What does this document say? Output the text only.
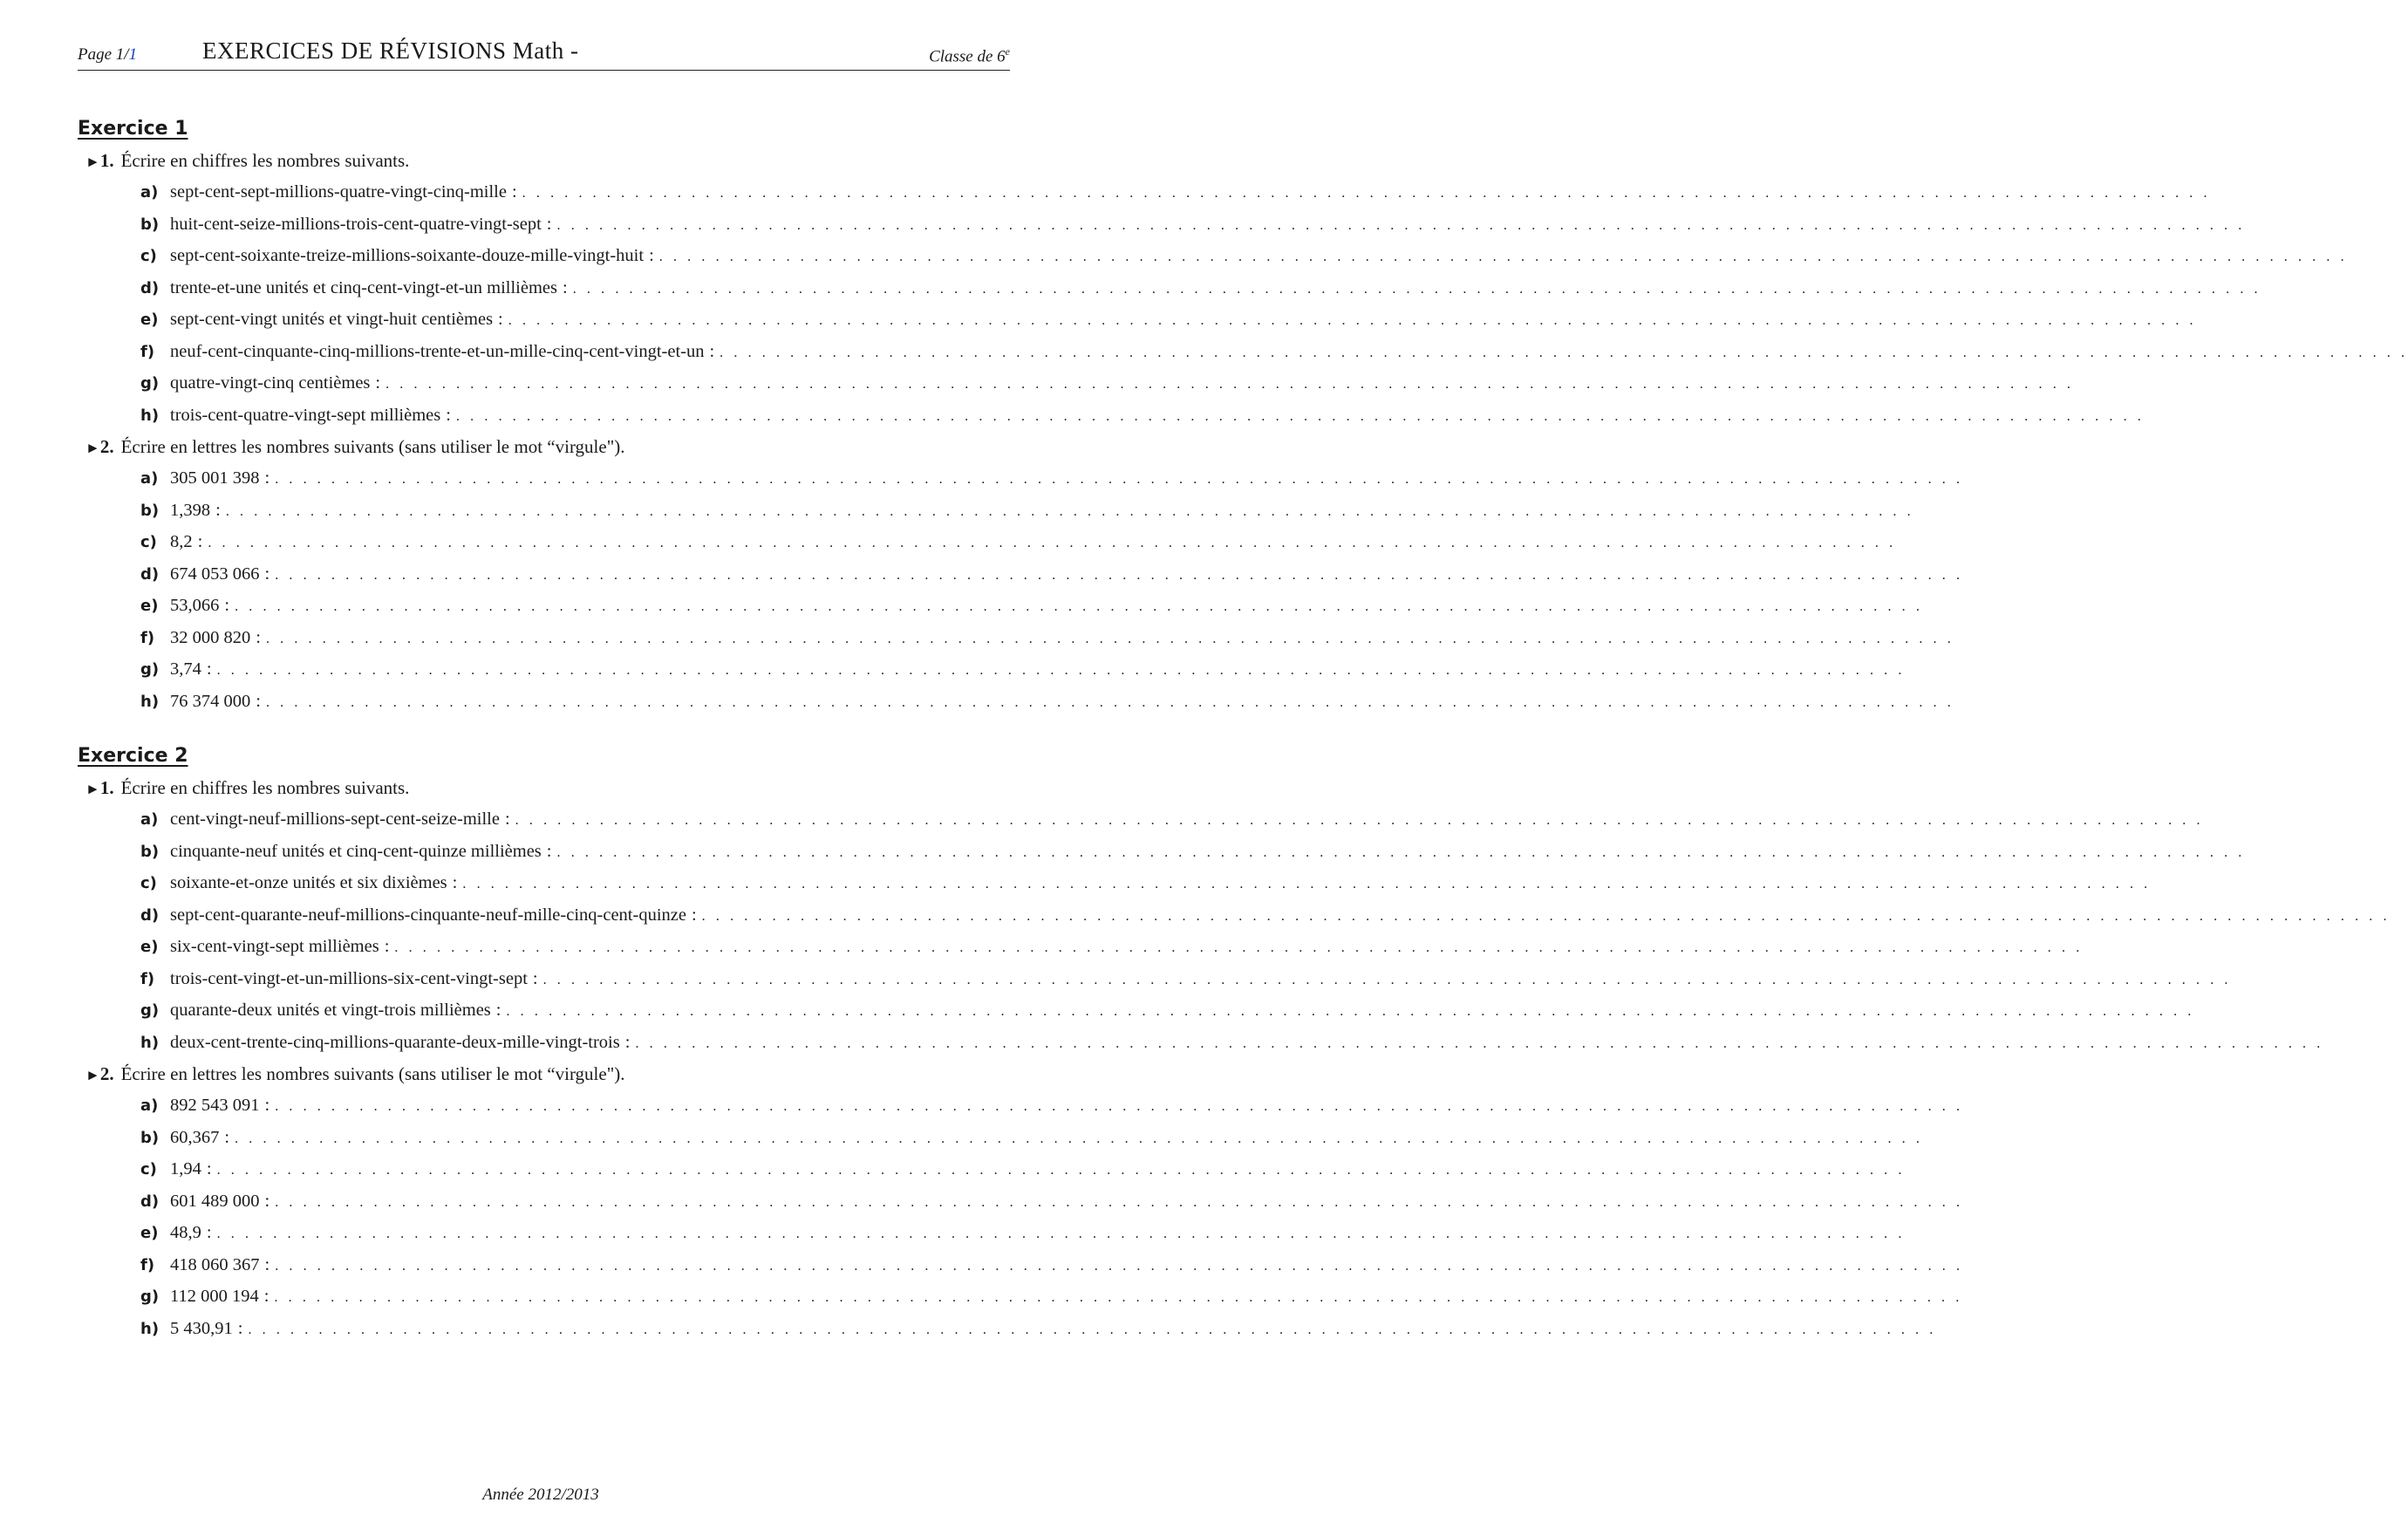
Page 1/1	EXERCICES DE RÉVISIONS Math -	Classe de 6e
Exercice 1
►1. Écrire en chiffres les nombres suivants.
a) sept-cent-sept-millions-quatre-vingt-cinq-mille : . . . . . . . . . . . . . . . . . . . . . . . . . . . . . . . . . . . . . . . . . . . . . . . . . . . . . . . . . . . . . . . . . . . . . . . . . . . . . . . . . . . . . . . . . . . . . . . . . . . . . . . . . . . . . . . . . . . . . . . .
b) huit-cent-seize-millions-trois-cent-quatre-vingt-sept : . . . . . . . . . . . . . . . . . . . . . . . . . . . . . . . . . . . . . . . . . . . . . . . . . . . . . . . . . . . . . . . . . . . . . . . . . . . . . . . . . . . . . . . . . . . . . . . . . . . . . . . . . . . . . . . . . . . . . . . .
c) sept-cent-soixante-treize-millions-soixante-douze-mille-vingt-huit : . . . . . . . . . . . . . . . . . . . . . . . . . . . . . . . . . . . . . . . . . . . . . . . . . . . . . . . . . . . . . . . . . . . . . . . . . . . . . . . . . . . . . . . . . . . . . . . . . . . . . . . . . . . . . . . . . . . . . . . .
d) trente-et-une unités et cinq-cent-vingt-et-un millièmes : . . . . . . . . . . . . . . . . . . . . . . . . . . . . . . . . . . . . . . . . . . . . . . . . . . . . . . . . . . . . . . . . . . . . . . . . . . . . . . . . . . . . . . . . . . . . . . . . . . . . . . . . . . . . . . . . . . . . . . . .
e) sept-cent-vingt unités et vingt-huit centièmes : . . . . . . . . . . . . . . . . . . . . . . . . . . . . . . . . . . . . . . . . . . . . . . . . . . . . . . . . . . . . . . . . . . . . . . . . . . . . . . . . . . . . . . . . . . . . . . . . . . . . . . . . . . . . . . . . . . . . . . . .
f) neuf-cent-cinquante-cinq-millions-trente-et-un-mille-cinq-cent-vingt-et-un : . . . . . . . . . . . . . . . . . . . . . . . . . . . . . . . . . . . . . . . . . . . . . . . . . . . . . . . . . . . . . . . . . . . . . . . . . . . . . . . . . . . . . . . . . . . . . . . . . . . . . . . . . . . . . . . . . . . . . . . .
g) quatre-vingt-cinq centièmes : . . . . . . . . . . . . . . . . . . . . . . . . . . . . . . . . . . . . . . . . . . . . . . . . . . . . . . . . . . . . . . . . . . . . . . . . . . . . . . . . . . . . . . . . . . . . . . . . . . . . . . . . . . . . . . . . . . . . . . . .
h) trois-cent-quatre-vingt-sept millièmes : . . . . . . . . . . . . . . . . . . . . . . . . . . . . . . . . . . . . . . . . . . . . . . . . . . . . . . . . . . . . . . . . . . . . . . . . . . . . . . . . . . . . . . . . . . . . . . . . . . . . . . . . . . . . . . . . . . . . . . . .
►2. Écrire en lettres les nombres suivants (sans utiliser le mot “virgule").
a) 305 001 398 : . . . . . . . . . . . . . . . . . . . . . . . . . . . . . . . . . . . . . . . . . . . . . . . . . . . . . . . . . . . . . . . . . . . . . . . . . . . . . . . . . . . . . . . . . . . . . . . . . . . . . . . . . . . . . . . . . . . . . . . .
b) 1,398 : . . . . . . . . . . . . . . . . . . . . . . . . . . . . . . . . . . . . . . . . . . . . . . . . . . . . . . . . . . . . . . . . . . . . . . . . . . . . . . . . . . . . . . . . . . . . . . . . . . . . . . . . . . . . . . . . . . . . . . . .
c) 8,2 : . . . . . . . . . . . . . . . . . . . . . . . . . . . . . . . . . . . . . . . . . . . . . . . . . . . . . . . . . . . . . . . . . . . . . . . . . . . . . . . . . . . . . . . . . . . . . . . . . . . . . . . . . . . . . . . . . . . . . . . .
d) 674 053 066 : . . . . . . . . . . . . . . . . . . . . . . . . . . . . . . . . . . . . . . . . . . . . . . . . . . . . . . . . . . . . . . . . . . . . . . . . . . . . . . . . . . . . . . . . . . . . . . . . . . . . . . . . . . . . . . . . . . . . . . . .
e) 53,066 : . . . . . . . . . . . . . . . . . . . . . . . . . . . . . . . . . . . . . . . . . . . . . . . . . . . . . . . . . . . . . . . . . . . . . . . . . . . . . . . . . . . . . . . . . . . . . . . . . . . . . . . . . . . . . . . . . . . . . . . .
f) 32 000 820 : . . . . . . . . . . . . . . . . . . . . . . . . . . . . . . . . . . . . . . . . . . . . . . . . . . . . . . . . . . . . . . . . . . . . . . . . . . . . . . . . . . . . . . . . . . . . . . . . . . . . . . . . . . . . . . . . . . . . . . . .
g) 3,74 : . . . . . . . . . . . . . . . . . . . . . . . . . . . . . . . . . . . . . . . . . . . . . . . . . . . . . . . . . . . . . . . . . . . . . . . . . . . . . . . . . . . . . . . . . . . . . . . . . . . . . . . . . . . . . . . . . . . . . . . .
h) 76 374 000 : . . . . . . . . . . . . . . . . . . . . . . . . . . . . . . . . . . . . . . . . . . . . . . . . . . . . . . . . . . . . . . . . . . . . . . . . . . . . . . . . . . . . . . . . . . . . . . . . . . . . . . . . . . . . . . . . . . . . . . . .
Exercice 2
►1. Écrire en chiffres les nombres suivants.
a) cent-vingt-neuf-millions-sept-cent-seize-mille : . . . . . . . . . . . . . . . . . . . . . . . . . . . . . . . . . . . . . . . . . . . . . . . . . . . . . . . . . . . . . . . . . . . . . . . . . . . . . . . . . . . . . . . . . . . . . . . . . . . . . . . . . . . . . . . . . . . . . . . .
b) cinquante-neuf unités et cinq-cent-quinze millièmes : . . . . . . . . . . . . . . . . . . . . . . . . . . . . . . . . . . . . . . . . . . . . . . . . . . . . . . . . . . . . . . . . . . . . . . . . . . . . . . . . . . . . . . . . . . . . . . . . . . . . . . . . . . . . . . . . . . . . . . . .
c) soixante-et-onze unités et six dixièmes : . . . . . . . . . . . . . . . . . . . . . . . . . . . . . . . . . . . . . . . . . . . . . . . . . . . . . . . . . . . . . . . . . . . . . . . . . . . . . . . . . . . . . . . . . . . . . . . . . . . . . . . . . . . . . . . . . . . . . . . .
d) sept-cent-quarante-neuf-millions-cinquante-neuf-mille-cinq-cent-quinze : . . . . . . . . . . . . . . . . . . . . . . . . . . . . . . . . . . . . . . . . . . . . . . . . . . . . . . . . . . . . . . . . . . . . . . . . . . . . . . . . . . . . . . . . . . . . . . . . . . . . . . . . . . . . . . . . . . . . . . . .
e) six-cent-vingt-sept millièmes : . . . . . . . . . . . . . . . . . . . . . . . . . . . . . . . . . . . . . . . . . . . . . . . . . . . . . . . . . . . . . . . . . . . . . . . . . . . . . . . . . . . . . . . . . . . . . . . . . . . . . . . . . . . . . . . . . . . . . . . .
f) trois-cent-vingt-et-un-millions-six-cent-vingt-sept : . . . . . . . . . . . . . . . . . . . . . . . . . . . . . . . . . . . . . . . . . . . . . . . . . . . . . . . . . . . . . . . . . . . . . . . . . . . . . . . . . . . . . . . . . . . . . . . . . . . . . . . . . . . . . . . . . . . . . . . .
g) quarante-deux unités et vingt-trois millièmes : . . . . . . . . . . . . . . . . . . . . . . . . . . . . . . . . . . . . . . . . . . . . . . . . . . . . . . . . . . . . . . . . . . . . . . . . . . . . . . . . . . . . . . . . . . . . . . . . . . . . . . . . . . . . . . . . . . . . . . . .
h) deux-cent-trente-cinq-millions-quarante-deux-mille-vingt-trois : . . . . . . . . . . . . . . . . . . . . . . . . . . . . . . . . . . . . . . . . . . . . . . . . . . . . . . . . . . . . . . . . . . . . . . . . . . . . . . . . . . . . . . . . . . . . . . . . . . . . . . . . . . . . . . . . . . . . . . . .
►2. Écrire en lettres les nombres suivants (sans utiliser le mot “virgule").
a) 892 543 091 : . . . . . . . . . . . . . . . . . . . . . . . . . . . . . . . . . . . . . . . . . . . . . . . . . . . . . . . . . . . . . . . . . . . . . . . . . . . . . . . . . . . . . . . . . . . . . . . . . . . . . . . . . . . . . . . . . . . . . . . .
b) 60,367 : . . . . . . . . . . . . . . . . . . . . . . . . . . . . . . . . . . . . . . . . . . . . . . . . . . . . . . . . . . . . . . . . . . . . . . . . . . . . . . . . . . . . . . . . . . . . . . . . . . . . . . . . . . . . . . . . . . . . . . . .
c) 1,94 : . . . . . . . . . . . . . . . . . . . . . . . . . . . . . . . . . . . . . . . . . . . . . . . . . . . . . . . . . . . . . . . . . . . . . . . . . . . . . . . . . . . . . . . . . . . . . . . . . . . . . . . . . . . . . . . . . . . . . . . .
d) 601 489 000 : . . . . . . . . . . . . . . . . . . . . . . . . . . . . . . . . . . . . . . . . . . . . . . . . . . . . . . . . . . . . . . . . . . . . . . . . . . . . . . . . . . . . . . . . . . . . . . . . . . . . . . . . . . . . . . . . . . . . . . . .
e) 48,9 : . . . . . . . . . . . . . . . . . . . . . . . . . . . . . . . . . . . . . . . . . . . . . . . . . . . . . . . . . . . . . . . . . . . . . . . . . . . . . . . . . . . . . . . . . . . . . . . . . . . . . . . . . . . . . . . . . . . . . . . .
f) 418 060 367 : . . . . . . . . . . . . . . . . . . . . . . . . . . . . . . . . . . . . . . . . . . . . . . . . . . . . . . . . . . . . . . . . . . . . . . . . . . . . . . . . . . . . . . . . . . . . . . . . . . . . . . . . . . . . . . . . . . . . . . . .
g) 112 000 194 : . . . . . . . . . . . . . . . . . . . . . . . . . . . . . . . . . . . . . . . . . . . . . . . . . . . . . . . . . . . . . . . . . . . . . . . . . . . . . . . . . . . . . . . . . . . . . . . . . . . . . . . . . . . . . . . . . . . . . . . .
h) 5 430,91 : . . . . . . . . . . . . . . . . . . . . . . . . . . . . . . . . . . . . . . . . . . . . . . . . . . . . . . . . . . . . . . . . . . . . . . . . . . . . . . . . . . . . . . . . . . . . . . . . . . . . . . . . . . . . . . . . . . . . . . . .
Année 2012/2013
